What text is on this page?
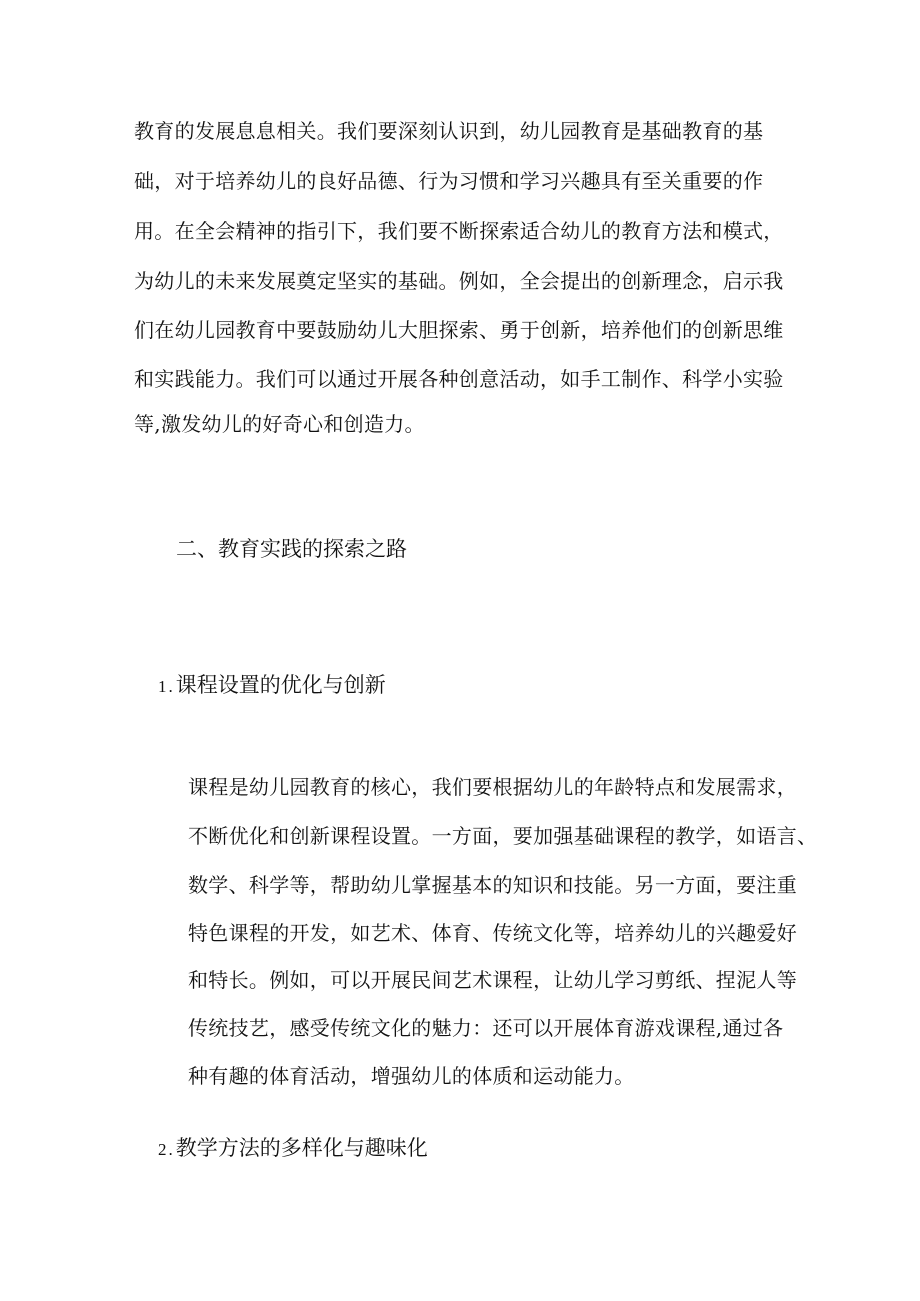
教育的发展息息相关。我们要深刻认识到，幼儿园教育是基础教育的基
础，对于培养幼儿的良好品德、行为习惯和学习兴趣具有至关重要的作
用。在全会精神的指引下，我们要不断探索适合幼儿的教育方法和模式，
为幼儿的未来发展奠定坚实的基础。例如，全会提出的创新理念，启示我
们在幼儿园教育中要鼓励幼儿大胆探索、勇于创新，培养他们的创新思维
和实践能力。我们可以通过开展各种创意活动，如手工制作、科学小实验
等,激发幼儿的好奇心和创造力。
二、教育实践的探索之路
1 . 课程设置的优化与创新
课程是幼儿园教育的核心，我们要根据幼儿的年龄特点和发展需求，
不断优化和创新课程设置。一方面，要加强基础课程的教学，如语言、
数学、科学等，帮助幼儿掌握基本的知识和技能。另一方面，要注重
特色课程的开发，如艺术、体育、传统文化等，培养幼儿的兴趣爱好
和特长。例如，可以开展民间艺术课程，让幼儿学习剪纸、捏泥人等
传统技艺，感受传统文化的魅力：还可以开展体育游戏课程,通过各
种有趣的体育活动，增强幼儿的体质和运动能力。
2 . 教学方法的多样化与趣味化
